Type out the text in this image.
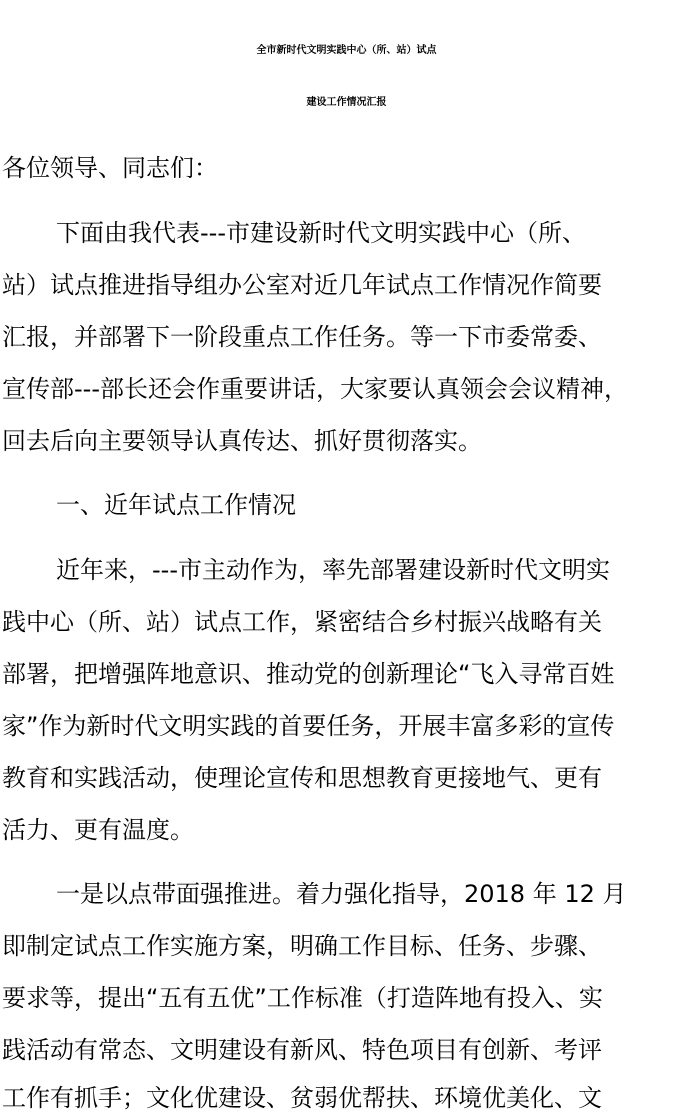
全市新时代文明实践中心（所、站）试点
建设工作情况汇报
各位领导、同志们：
下面由我代表---市建设新时代文明实践中心（所、
站）试点推进指导组办公室对近几年试点工作情况作简要
汇报，并部署下一阶段重点工作任务。等一下市委常委、
宣传部---部长还会作重要讲话，大家要认真领会会议精神，
回去后向主要领导认真传达、抓好贯彻落实。
一、近年试点工作情况
近年来，---市主动作为，率先部署建设新时代文明实
践中心（所、站）试点工作，紧密结合乡村振兴战略有关
部署，把增强阵地意识、推动党的创新理论“飞入寻常百姓
家”作为新时代文明实践的首要任务，开展丰富多彩的宣传
教育和实践活动，使理论宣传和思想教育更接地气、更有
活力、更有温度。
一是以点带面强推进。着力强化指导，2018 年 12 月
即制定试点工作实施方案，明确工作目标、任务、步骤、
要求等，提出“五有五优”工作标准（打造阵地有投入、实
践活动有常态、文明建设有新风、特色项目有创新、考评
工作有抓手；文化优建设、贫弱优帮扶、环境优美化、文
